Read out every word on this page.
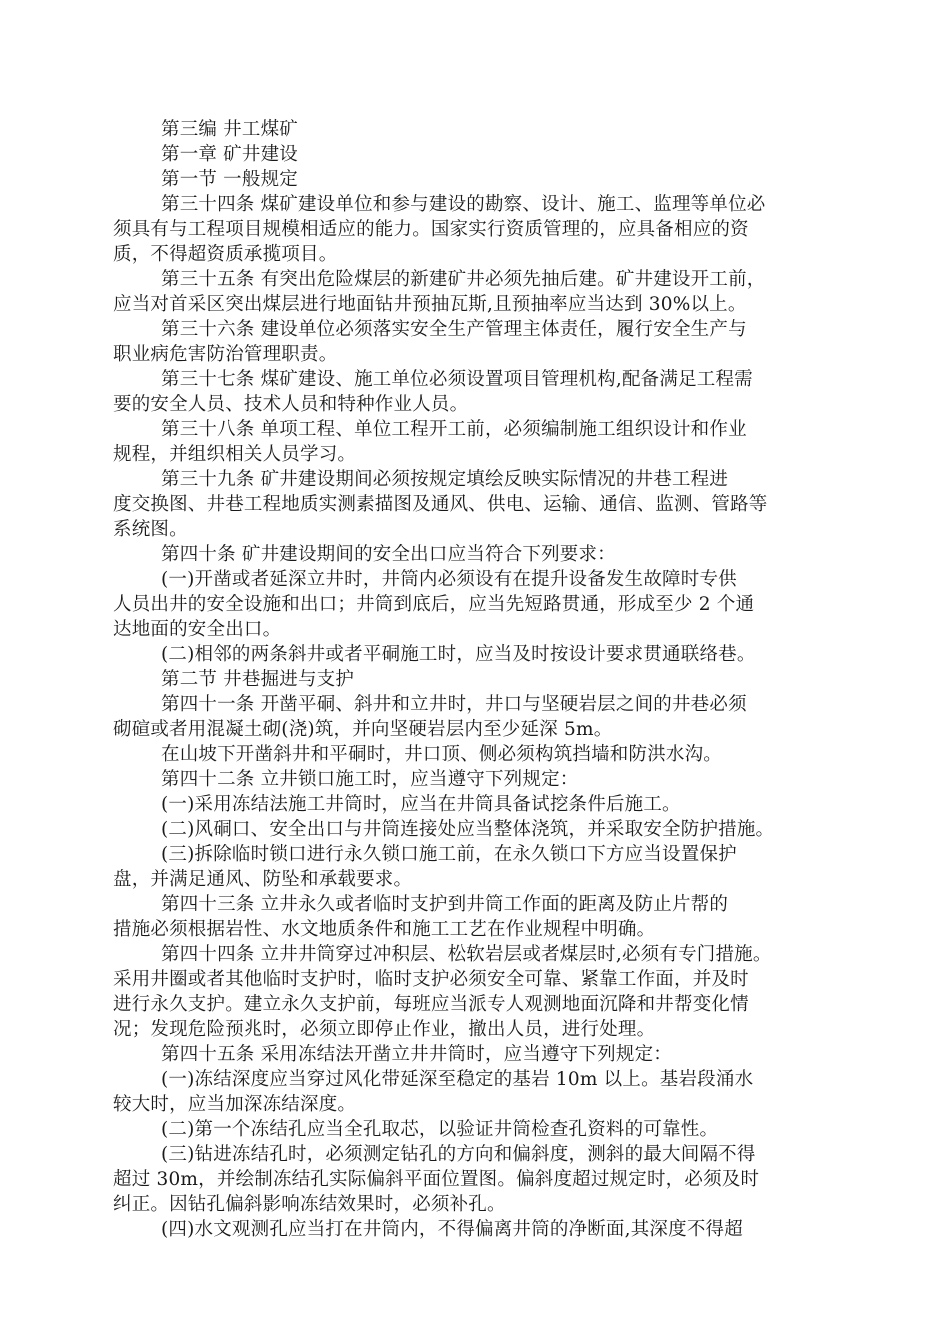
第三编 井工煤矿
第一章 矿井建设
第一节 一般规定
第三十四条 煤矿建设单位和参与建设的勘察、设计、施工、监理等单位必
须具有与工程项目规模相适应的能力。国家实行资质管理的，应具备相应的资
质，不得超资质承揽项目。
第三十五条 有突出危险煤层的新建矿井必须先抽后建。矿井建设开工前，
应当对首采区突出煤层进行地面钻井预抽瓦斯,且预抽率应当达到 30%以上。
第三十六条 建设单位必须落实安全生产管理主体责任，履行安全生产与
职业病危害防治管理职责。
第三十七条 煤矿建设、施工单位必须设置项目管理机构,配备满足工程需
要的安全人员、技术人员和特种作业人员。
第三十八条 单项工程、单位工程开工前，必须编制施工组织设计和作业
规程，并组织相关人员学习。
第三十九条 矿井建设期间必须按规定填绘反映实际情况的井巷工程进
度交换图、井巷工程地质实测素描图及通风、供电、运输、通信、监测、管路等
系统图。
第四十条 矿井建设期间的安全出口应当符合下列要求：
(一)开凿或者延深立井时，井筒内必须设有在提升设备发生故障时专供
人员出井的安全设施和出口；井筒到底后，应当先短路贯通，形成至少 2 个通
达地面的安全出口。
(二)相邻的两条斜井或者平硐施工时，应当及时按设计要求贯通联络巷。
第二节 井巷掘进与支护
第四十一条 开凿平硐、斜井和立井时，井口与坚硬岩层之间的井巷必须
砌碹或者用混凝土砌(浇)筑，并向坚硬岩层内至少延深 5m。
在山坡下开凿斜井和平硐时，井口顶、侧必须构筑挡墙和防洪水沟。
第四十二条 立井锁口施工时，应当遵守下列规定：
(一)采用冻结法施工井筒时，应当在井筒具备试挖条件后施工。
(二)风硐口、安全出口与井筒连接处应当整体浇筑，并采取安全防护措施。
(三)拆除临时锁口进行永久锁口施工前，在永久锁口下方应当设置保护
盘，并满足通风、防坠和承载要求。
第四十三条 立井永久或者临时支护到井筒工作面的距离及防止片帮的
措施必须根据岩性、水文地质条件和施工工艺在作业规程中明确。
第四十四条 立井井筒穿过冲积层、松软岩层或者煤层时,必须有专门措施。
采用井圈或者其他临时支护时，临时支护必须安全可靠、紧靠工作面，并及时
进行永久支护。建立永久支护前，每班应当派专人观测地面沉降和井帮变化情
况；发现危险预兆时，必须立即停止作业，撤出人员，进行处理。
第四十五条 采用冻结法开凿立井井筒时，应当遵守下列规定：
(一)冻结深度应当穿过风化带延深至稳定的基岩 10m 以上。基岩段涌水
较大时，应当加深冻结深度。
(二)第一个冻结孔应当全孔取芯，以验证井筒检查孔资料的可靠性。
(三)钻进冻结孔时，必须测定钻孔的方向和偏斜度，测斜的最大间隔不得
超过 30m，并绘制冻结孔实际偏斜平面位置图。偏斜度超过规定时，必须及时
纠正。因钻孔偏斜影响冻结效果时，必须补孔。
(四)水文观测孔应当打在井筒内，不得偏离井筒的净断面,其深度不得超
